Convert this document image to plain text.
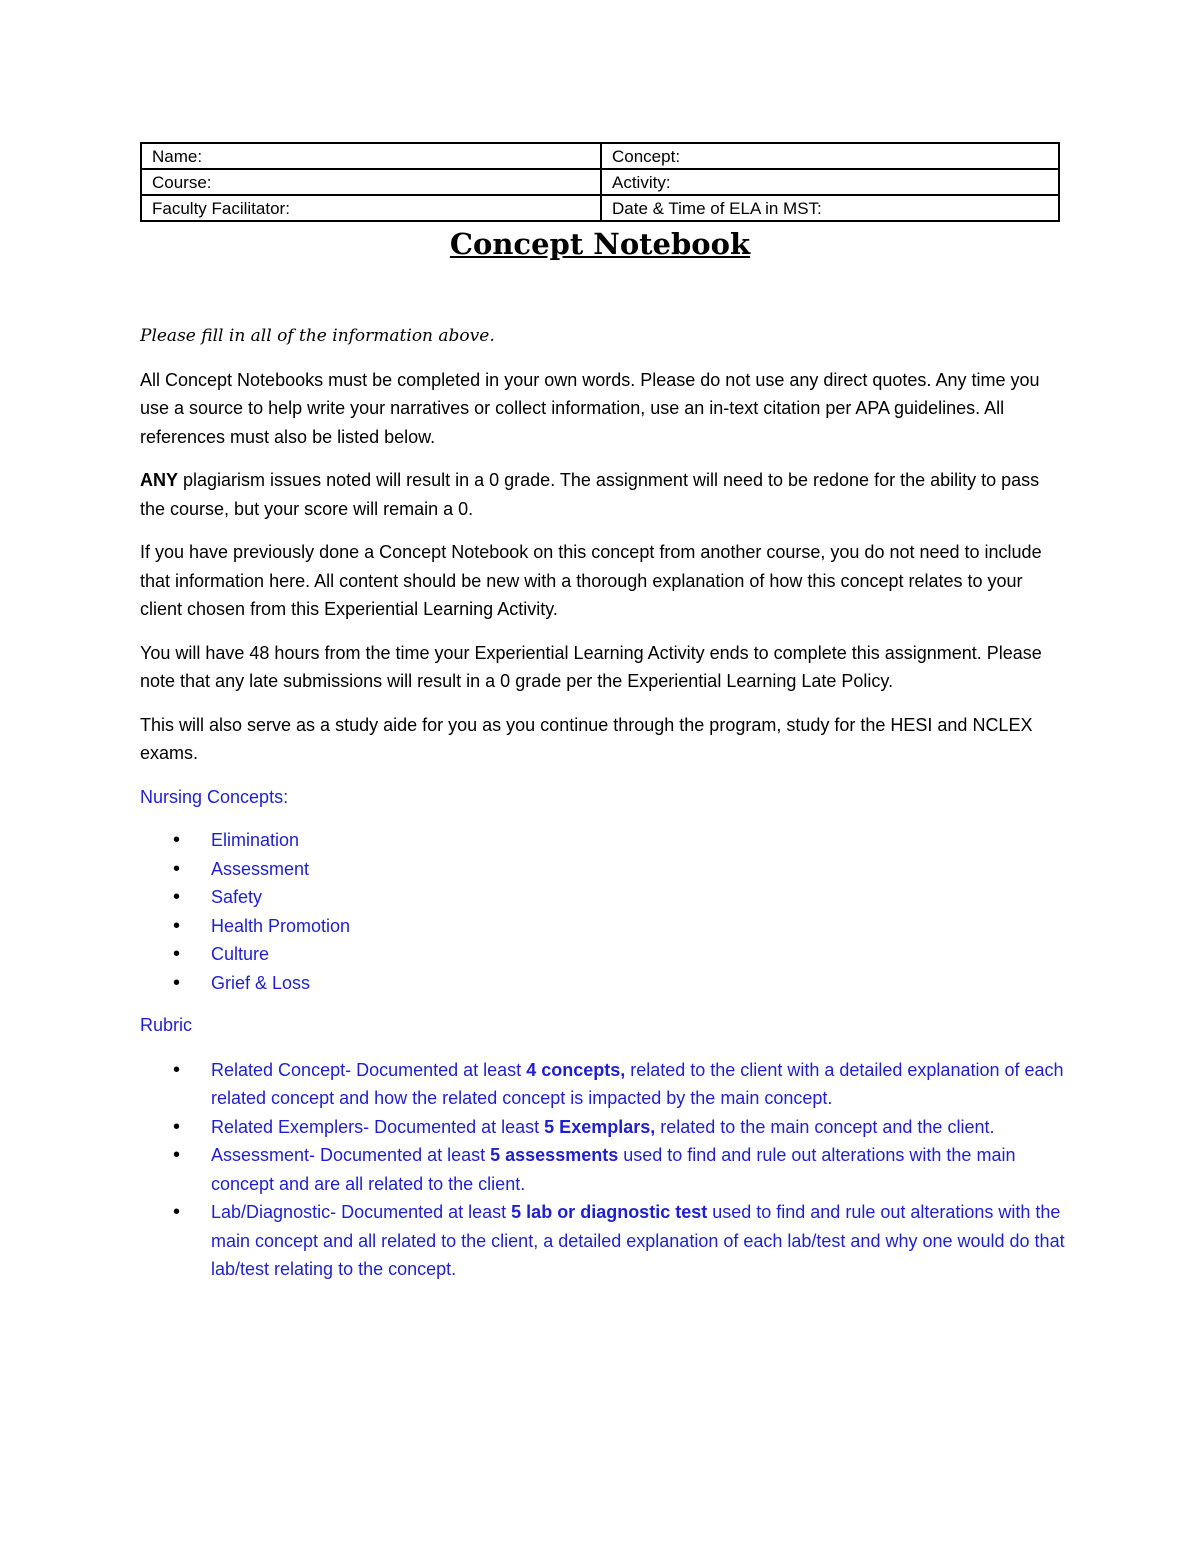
Name:	Concept:
Course:	Activity:
Faculty Facilitator:	Date & Time of ELA in MST:
Concept Notebook

Please fill in all of the information above.

All Concept Notebooks must be completed in your own words. Please do not use any direct quotes. Any time you use a source to help write your narratives or collect information, use an in-text citation per APA guidelines. All references must also be listed below.

ANY plagiarism issues noted will result in a 0 grade. The assignment will need to be redone for the ability to pass the course, but your score will remain a 0.

If you have previously done a Concept Notebook on this concept from another course, you do not need to include that information here. All content should be new with a thorough explanation of how this concept relates to your client chosen from this Experiential Learning Activity.

You will have 48 hours from the time your Experiential Learning Activity ends to complete this assignment. Please note that any late submissions will result in a 0 grade per the Experiential Learning Late Policy.

This will also serve as a study aide for you as you continue through the program, study for the HESI and NCLEX exams.

Nursing Concepts:

• Elimination
• Assessment
• Safety
• Health Promotion
• Culture
• Grief & Loss

Rubric

• Related Concept- Documented at least 4 concepts, related to the client with a detailed explanation of each related concept and how the related concept is impacted by the main concept.
• Related Exemplers- Documented at least 5 Exemplars, related to the main concept and the client.
• Assessment- Documented at least 5 assessments used to find and rule out alterations with the main concept and are all related to the client.
• Lab/Diagnostic- Documented at least 5 lab or diagnostic test used to find and rule out alterations with the main concept and all related to the client, a detailed explanation of each lab/test and why one would do that lab/test relating to the concept.
